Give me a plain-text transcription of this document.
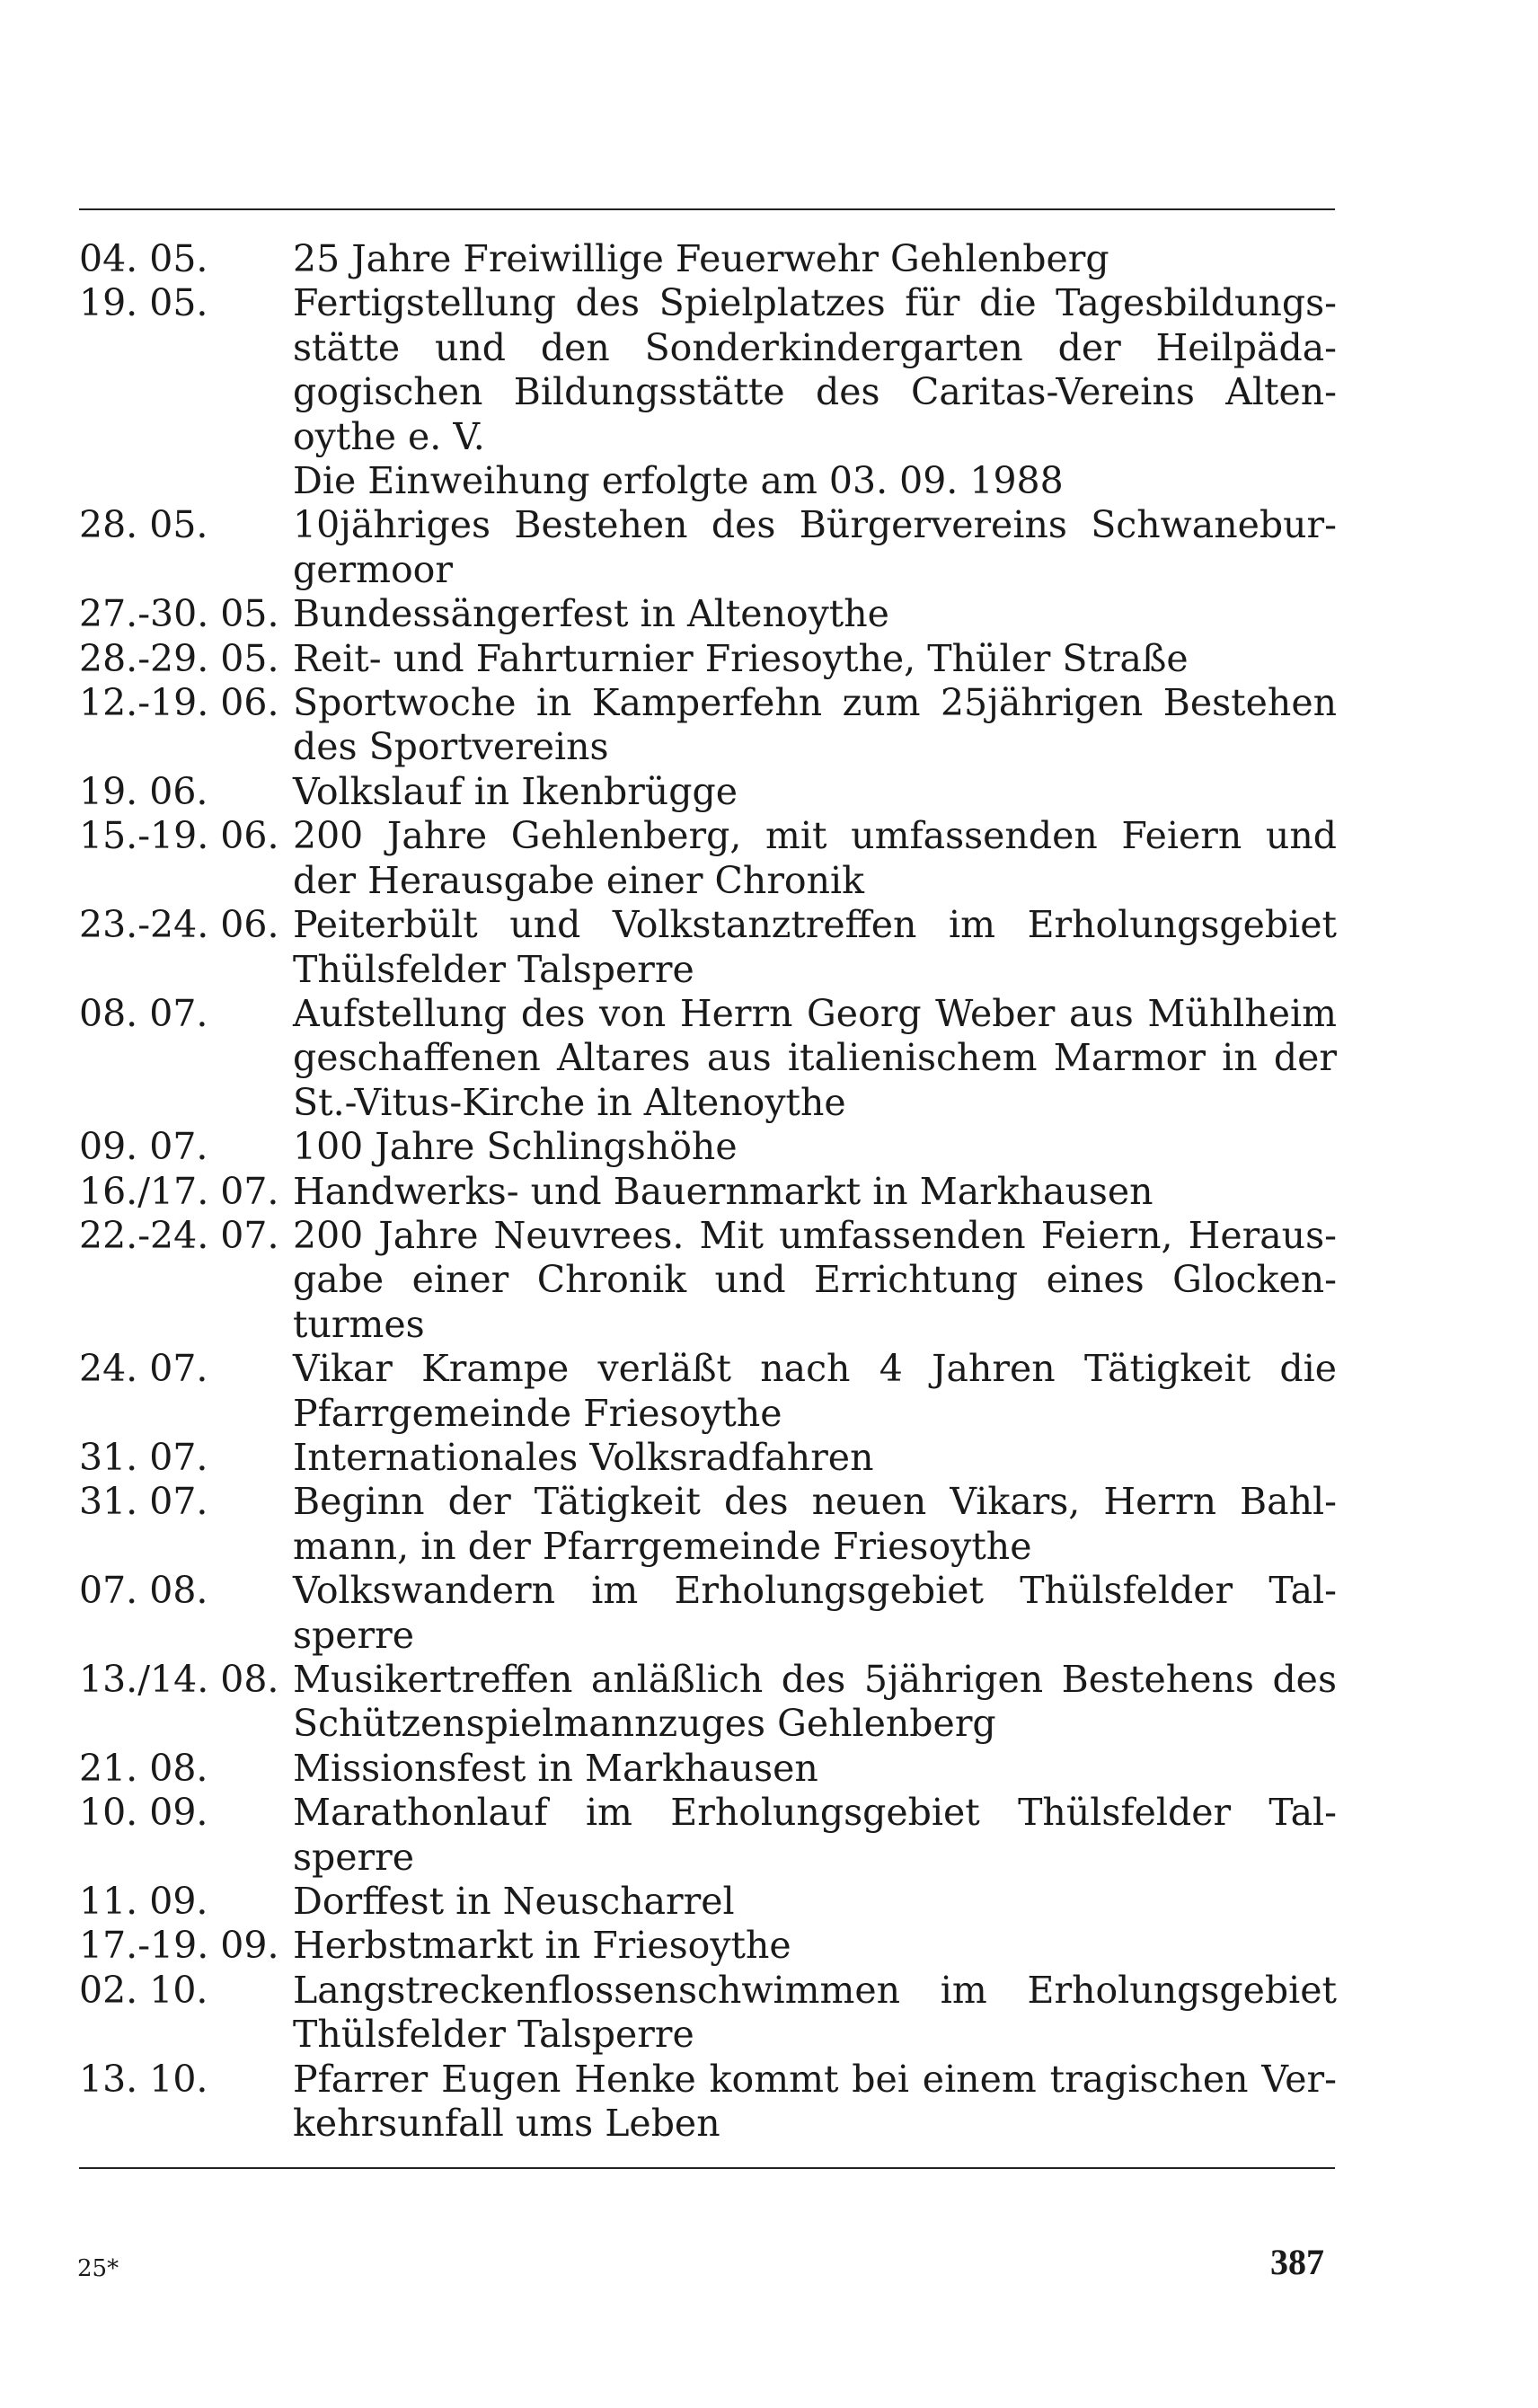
04. 05.	25 Jahre Freiwillige Feuerwehr Gehlenberg
19. 05.	Fertigstellung des Spielplatzes für die Tagesbildungsstätte und den Sonderkindergarten der Heilpädagogischen Bildungsstätte des Caritas-Vereins Altenoythe e. V.
Die Einweihung erfolgte am 03. 09. 1988
28. 05.	10jähriges Bestehen des Bürgervereins Schwaneburgermoor
27.-30. 05. Bundessängerfest in Altenoythe
28.-29. 05. Reit- und Fahrturnier Friesoythe, Thüler Straße
12.-19. 06. Sportwoche in Kamperfehn zum 25jährigen Bestehen des Sportvereins
19. 06.	Volkslauf in Ikenbrügge
15.-19. 06. 200 Jahre Gehlenberg, mit umfassenden Feiern und der Herausgabe einer Chronik
23.-24. 06. Peiterbült und Volkstanztreffen im Erholungsgebiet Thülsfelder Talsperre
08. 07.	Aufstellung des von Herrn Georg Weber aus Mühlheim geschaffenen Altares aus italienischem Marmor in der St.-Vitus-Kirche in Altenoythe
09. 07.	100 Jahre Schlingshöhe
16./17. 07. Handwerks- und Bauernmarkt in Markhausen
22.-24. 07. 200 Jahre Neuvrees. Mit umfassenden Feiern, Herausgabe einer Chronik und Errichtung eines Glockenturmes
24. 07.	Vikar Krampe verläßt nach 4 Jahren Tätigkeit die Pfarrgemeinde Friesoythe
31. 07.	Internationales Volksradfahren
31. 07.	Beginn der Tätigkeit des neuen Vikars, Herrn Bahlmann, in der Pfarrgemeinde Friesoythe
07. 08.	Volkswandern im Erholungsgebiet Thülsfelder Talsperre
13./14. 08. Musikertreffen anläßlich des 5jährigen Bestehens des Schützenspielmannzuges Gehlenberg
21. 08.	Missionsfest in Markhausen
10. 09.	Marathonlauf im Erholungsgebiet Thülsfelder Talsperre
11. 09.	Dorffest in Neuscharrel
17.-19. 09. Herbstmarkt in Friesoythe
02. 10.	Langstreckenflossenschwimmen im Erholungsgebiet Thülsfelder Talsperre
13. 10.	Pfarrer Eugen Henke kommt bei einem tragischen Verkehrsunfall ums Leben
25*	387
